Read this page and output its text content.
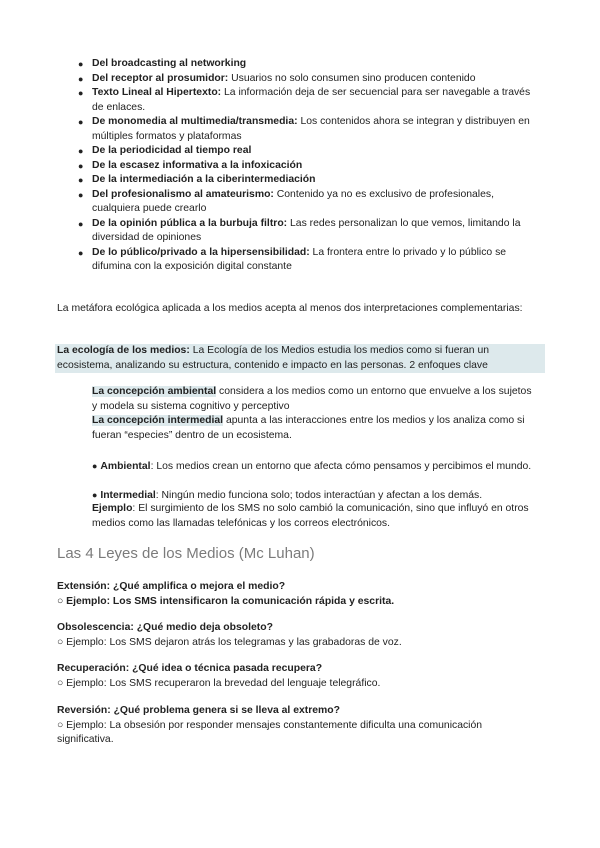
● Del broadcasting al networking
● Del receptor al prosumidor: Usuarios no solo consumen sino producen contenido
● Texto Lineal al Hipertexto: La información deja de ser secuencial para ser navegable a través de enlaces.
● De monomedia al multimedia/transmedia: Los contenidos ahora se integran y distribuyen en múltiples formatos y plataformas
● De la periodicidad al tiempo real
● De la escasez informativa a la infoxicación
● De la intermediación a la ciberintermediación
● Del profesionalismo al amateurismo: Contenido ya no es exclusivo de profesionales, cualquiera puede crearlo
● De la opinión pública a la burbuja filtro: Las redes personalizan lo que vemos, limitando la diversidad de opiniones
● De lo público/privado a la hipersensibilidad: La frontera entre lo privado y lo público se difumina con la exposición digital constante
La metáfora ecológica aplicada a los medios acepta al menos dos interpretaciones complementarias:
La ecología de los medios: La Ecología de los Medios estudia los medios como si fueran un ecosistema, analizando su estructura, contenido e impacto en las personas. 2 enfoques clave
La concepción ambiental considera a los medios como un entorno que envuelve a los sujetos y modela su sistema cognitivo y perceptivo
La concepción intermedial apunta a las interacciones entre los medios y los analiza como si fueran “especies” dentro de un ecosistema.
● Ambiental: Los medios crean un entorno que afecta cómo pensamos y percibimos el mundo.
● Intermedial: Ningún medio funciona solo; todos interactúan y afectan a los demás.
Ejemplo: El surgimiento de los SMS no solo cambió la comunicación, sino que influyó en otros medios como las llamadas telefónicas y los correos electrónicos.
Las 4 Leyes de los Medios (Mc Luhan)
Extensión: ¿Qué amplifica o mejora el medio?
○ Ejemplo: Los SMS intensificaron la comunicación rápida y escrita.
Obsolescencia: ¿Qué medio deja obsoleto?
○ Ejemplo: Los SMS dejaron atrás los telegramas y las grabadoras de voz.
Recuperación: ¿Qué idea o técnica pasada recupera?
○ Ejemplo: Los SMS recuperaron la brevedad del lenguaje telegráfico.
Reversión: ¿Qué problema genera si se lleva al extremo?
○ Ejemplo: La obsesión por responder mensajes constantemente dificulta una comunicación significativa.
